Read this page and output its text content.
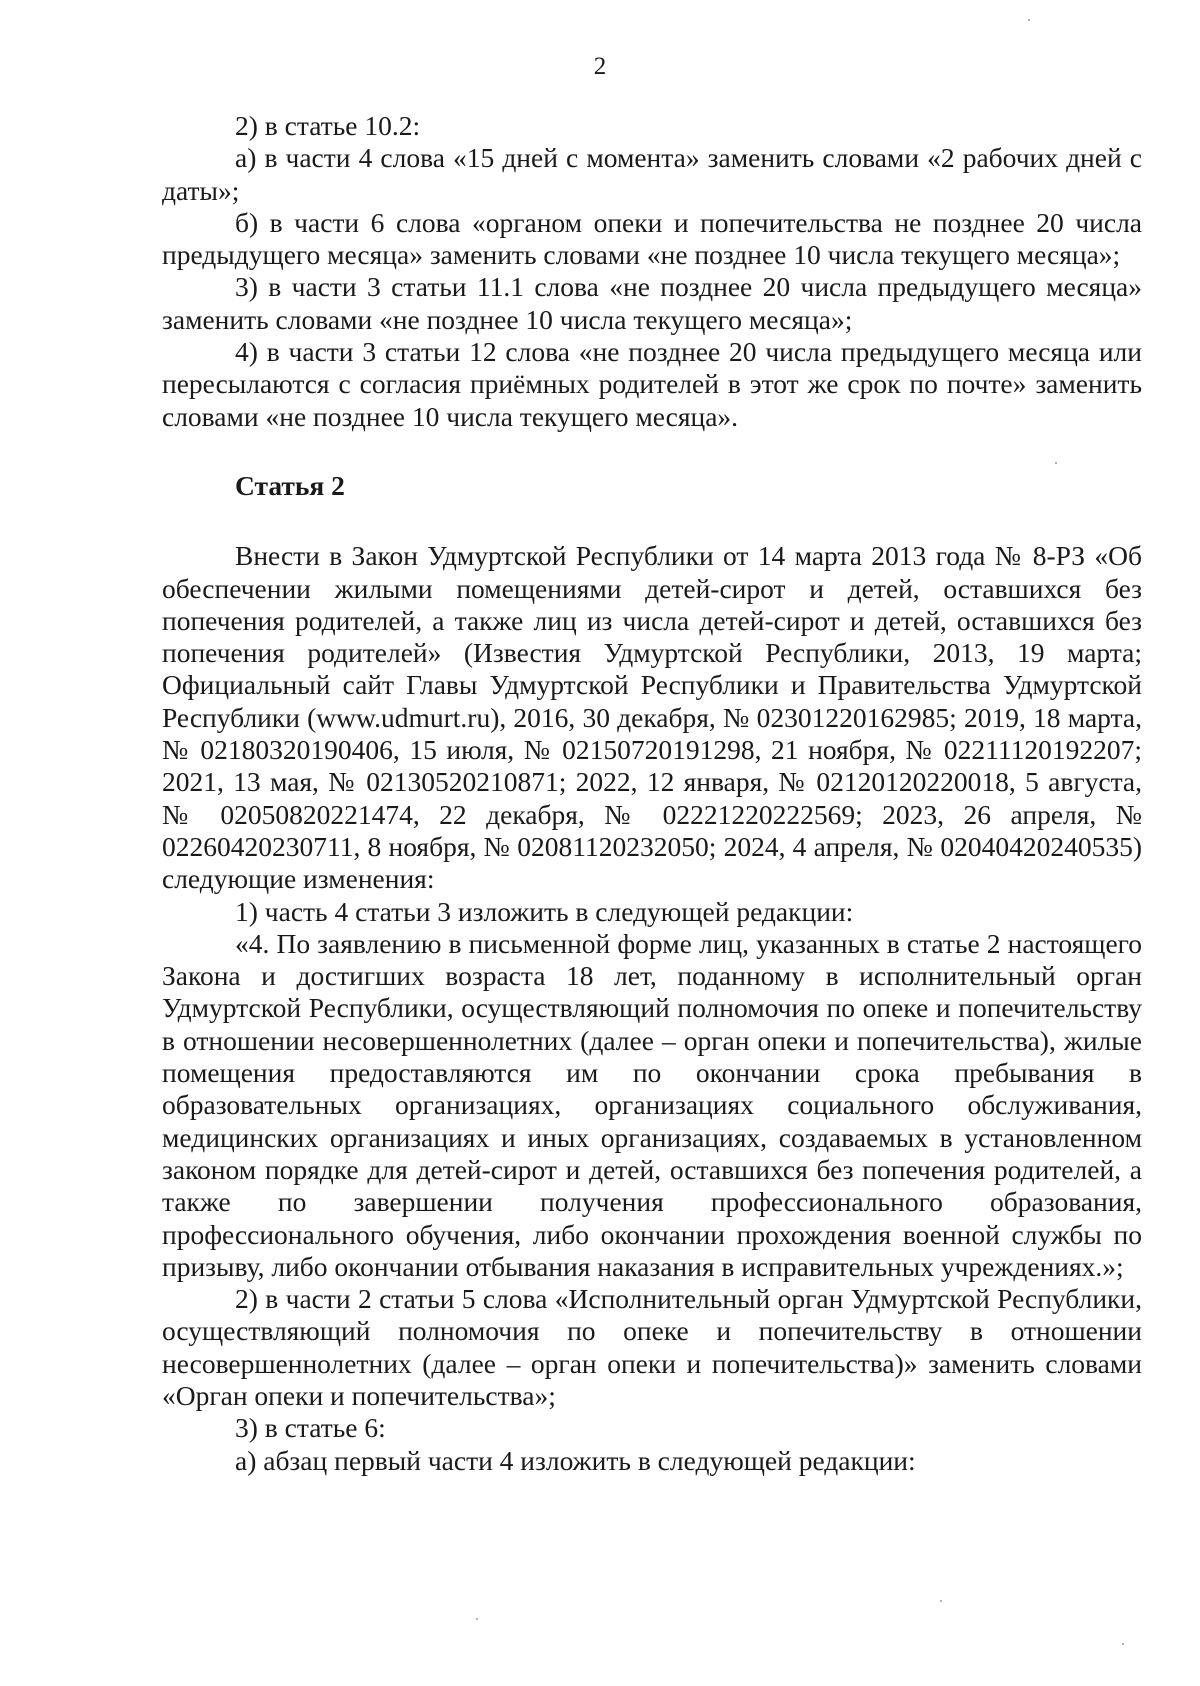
2

2) в статье 10.2:

а) в части 4 слова «15 дней с момента» заменить словами «2 рабочих дней с даты»;

б) в части 6 слова «органом опеки и попечительства не позднее 20 числа предыдущего месяца» заменить словами «не позднее 10 числа текущего месяца»;

3) в части 3 статьи 11.1 слова «не позднее 20 числа предыдущего месяца» заменить словами «не позднее 10 числа текущего месяца»;

4) в части 3 статьи 12 слова «не позднее 20 числа предыдущего месяца или пересылаются с согласия приёмных родителей в этот же срок по почте» заменить словами «не позднее 10 числа текущего месяца».

Статья 2

Внести в Закон Удмуртской Республики от 14 марта 2013 года № 8-РЗ «Об обеспечении жилыми помещениями детей-сирот и детей, оставшихся без попечения родителей, а также лиц из числа детей-сирот и детей, оставшихся без попечения родителей» (Известия Удмуртской Республики, 2013, 19 марта; Официальный сайт Главы Удмуртской Республики и Правительства Удмуртской Республики (www.udmurt.ru), 2016, 30 декабря, № 02301220162985; 2019, 18 марта, № 02180320190406, 15 июля, № 02150720191298, 21 ноября, № 02211120192207; 2021, 13 мая, № 02130520210871; 2022, 12 января, № 02120120220018, 5 августа, № 02050820221474, 22 декабря, № 02221220222569; 2023, 26 апреля, № 02260420230711, 8 ноября, № 02081120232050; 2024, 4 апреля, № 02040420240535) следующие изменения:

1) часть 4 статьи 3 изложить в следующей редакции:

«4. По заявлению в письменной форме лиц, указанных в статье 2 настоящего Закона и достигших возраста 18 лет, поданному в исполнительный орган Удмуртской Республики, осуществляющий полномочия по опеке и попечительству в отношении несовершеннолетних (далее – орган опеки и попечительства), жилые помещения предоставляются им по окончании срока пребывания в образовательных организациях, организациях социального обслуживания, медицинских организациях и иных организациях, создаваемых в установленном законом порядке для детей-сирот и детей, оставшихся без попечения родителей, а также по завершении получения профессионального образования, профессионального обучения, либо окончании прохождения военной службы по призыву, либо окончании отбывания наказания в исправительных учреждениях.»;

2) в части 2 статьи 5 слова «Исполнительный орган Удмуртской Республики, осуществляющий полномочия по опеке и попечительству в отношении несовершеннолетних (далее – орган опеки и попечительства)» заменить словами «Орган опеки и попечительства»;

3) в статье 6:

а) абзац первый части 4 изложить в следующей редакции:
